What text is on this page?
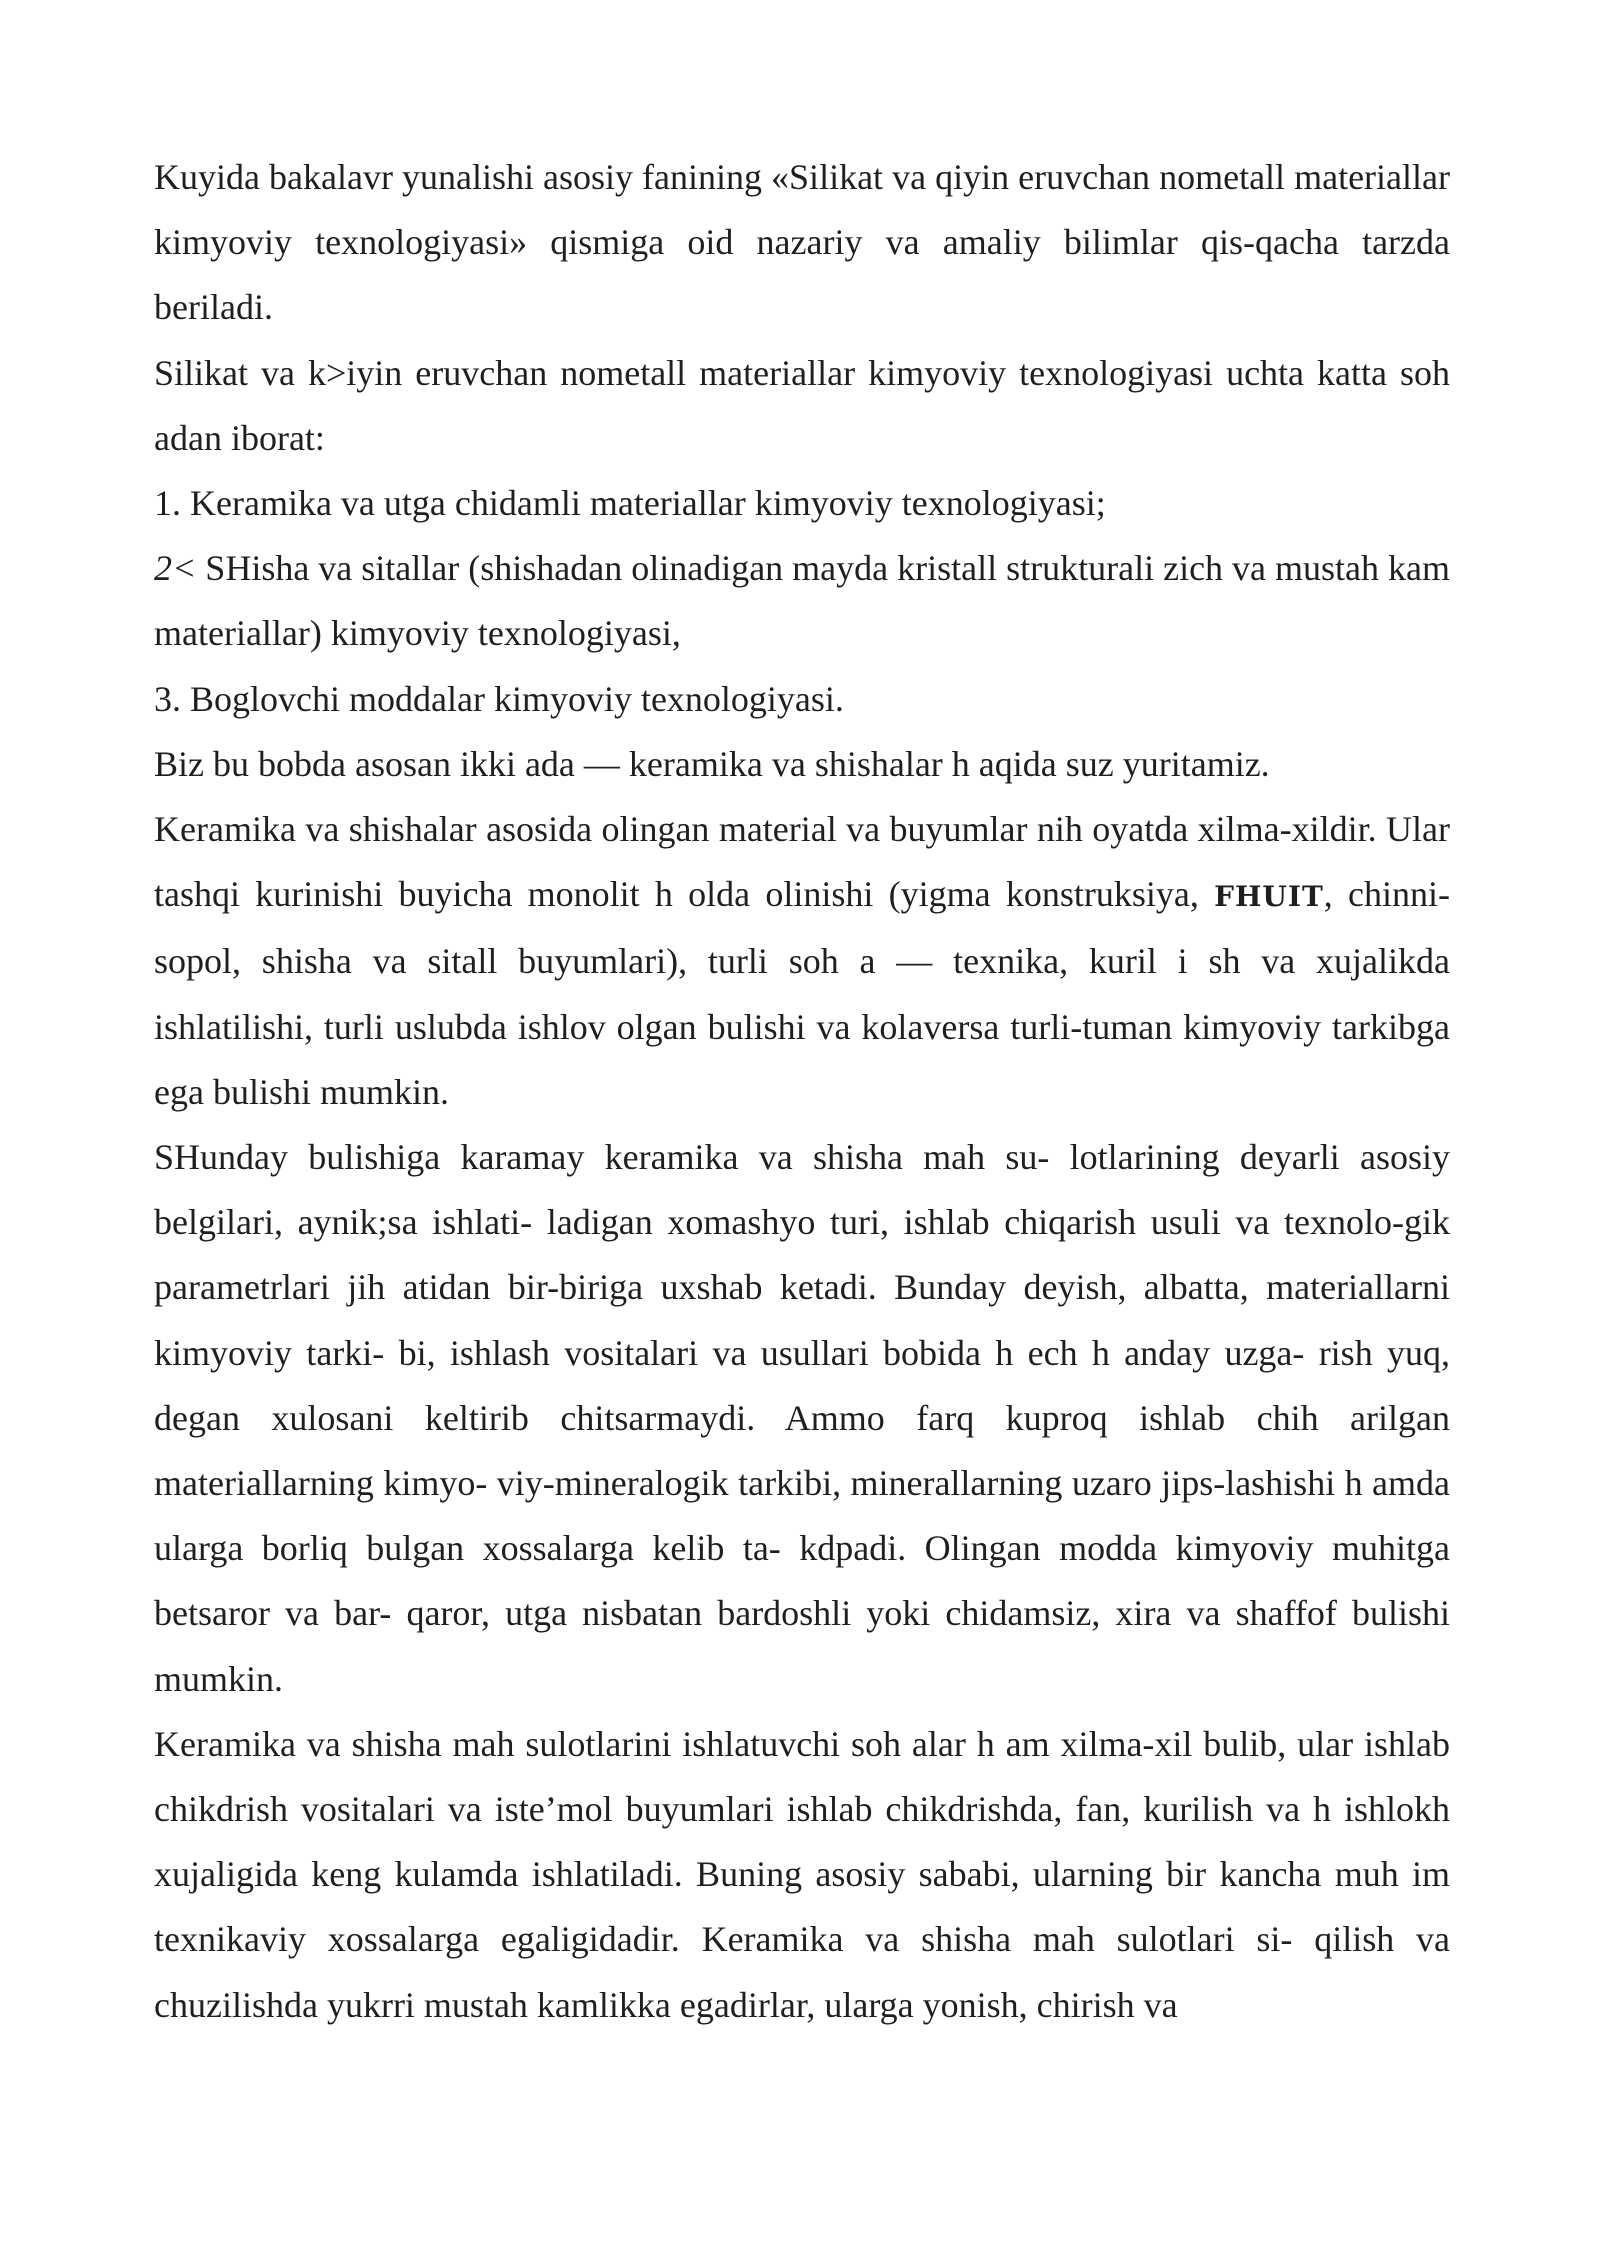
Kuyida bakalavr yunalishi asosiy fanining «Silikat va qiyin eruvchan nometall materiallar kimyoviy texnologiyasi» qismiga oid nazariy va amaliy bilimlar qis-qacha tarzda beriladi.

Silikat va k>iyin eruvchan nometall materiallar kimyoviy texnologiyasi uchta katta soh adan iborat:

1. Keramika va utga chidamli materiallar kimyoviy texnologiyasi;

2< SHisha va sitallar (shishadan olinadigan mayda kristall strukturali zich va mustah kam materiallar) kimyoviy texnologiyasi,

3. Boglovchi moddalar kimyoviy texnologiyasi.

Biz bu bobda asosan ikki ada — keramika va shishalar h aqida suz yuritamiz.

Keramika va shishalar asosida olingan material va buyumlar nih oyatda xilma-xildir. Ular tashqi kurinishi buyicha monolit h olda olinishi (yigma konstruksiya, FHUIT, chinni-sopol, shisha va sitall buyumlari), turli soh a — texnika, kuril i sh va xujalikda ishlatilishi, turli uslubda ishlov olgan bulishi va kolaversa turli-tuman kimyoviy tarkibga ega bulishi mumkin.

SHunday bulishiga karamay keramika va shisha mah su- lotlarining deyarli asosiy belgilari, aynik;sa ishlati- ladigan xomashyo turi, ishlab chiqarish usuli va texnolo-gik parametrlari jih atidan bir-biriga uxshab ketadi. Bunday deyish, albatta, materiallarni kimyoviy tarki- bi, ishlash vositalari va usullari bobida h ech h anday uzga- rish yuq, degan xulosani keltirib chitsarmaydi. Ammo farq kuproq ishlab chih arilgan materiallarning kimyo- viy-mineralogik tarkibi, minerallarning uzaro jips-lashishi h amda ularga borliq bulgan xossalarga kelib ta- kdpadi. Olingan modda kimyoviy muhitga betsaror va bar- qaror, utga nisbatan bardoshli yoki chidamsiz, xira va shaffof bulishi mumkin.

Keramika va shisha mah sulotlarini ishlatuvchi soh alar h am xilma-xil bulib, ular ishlab chikdrish vositalari va iste’mol buyumlari ishlab chikdrishda, fan, kurilish va h ishlokh xujaligida keng kulamda ishlatiladi. Buning asosiy sababi, ularning bir kancha muh im texnikaviy xossalarga egaligidadir. Keramika va shisha mah sulotlari si- qilish va chuzilishda yukrri mustah kamlikka egadirlar, ularga yonish, chirish va
